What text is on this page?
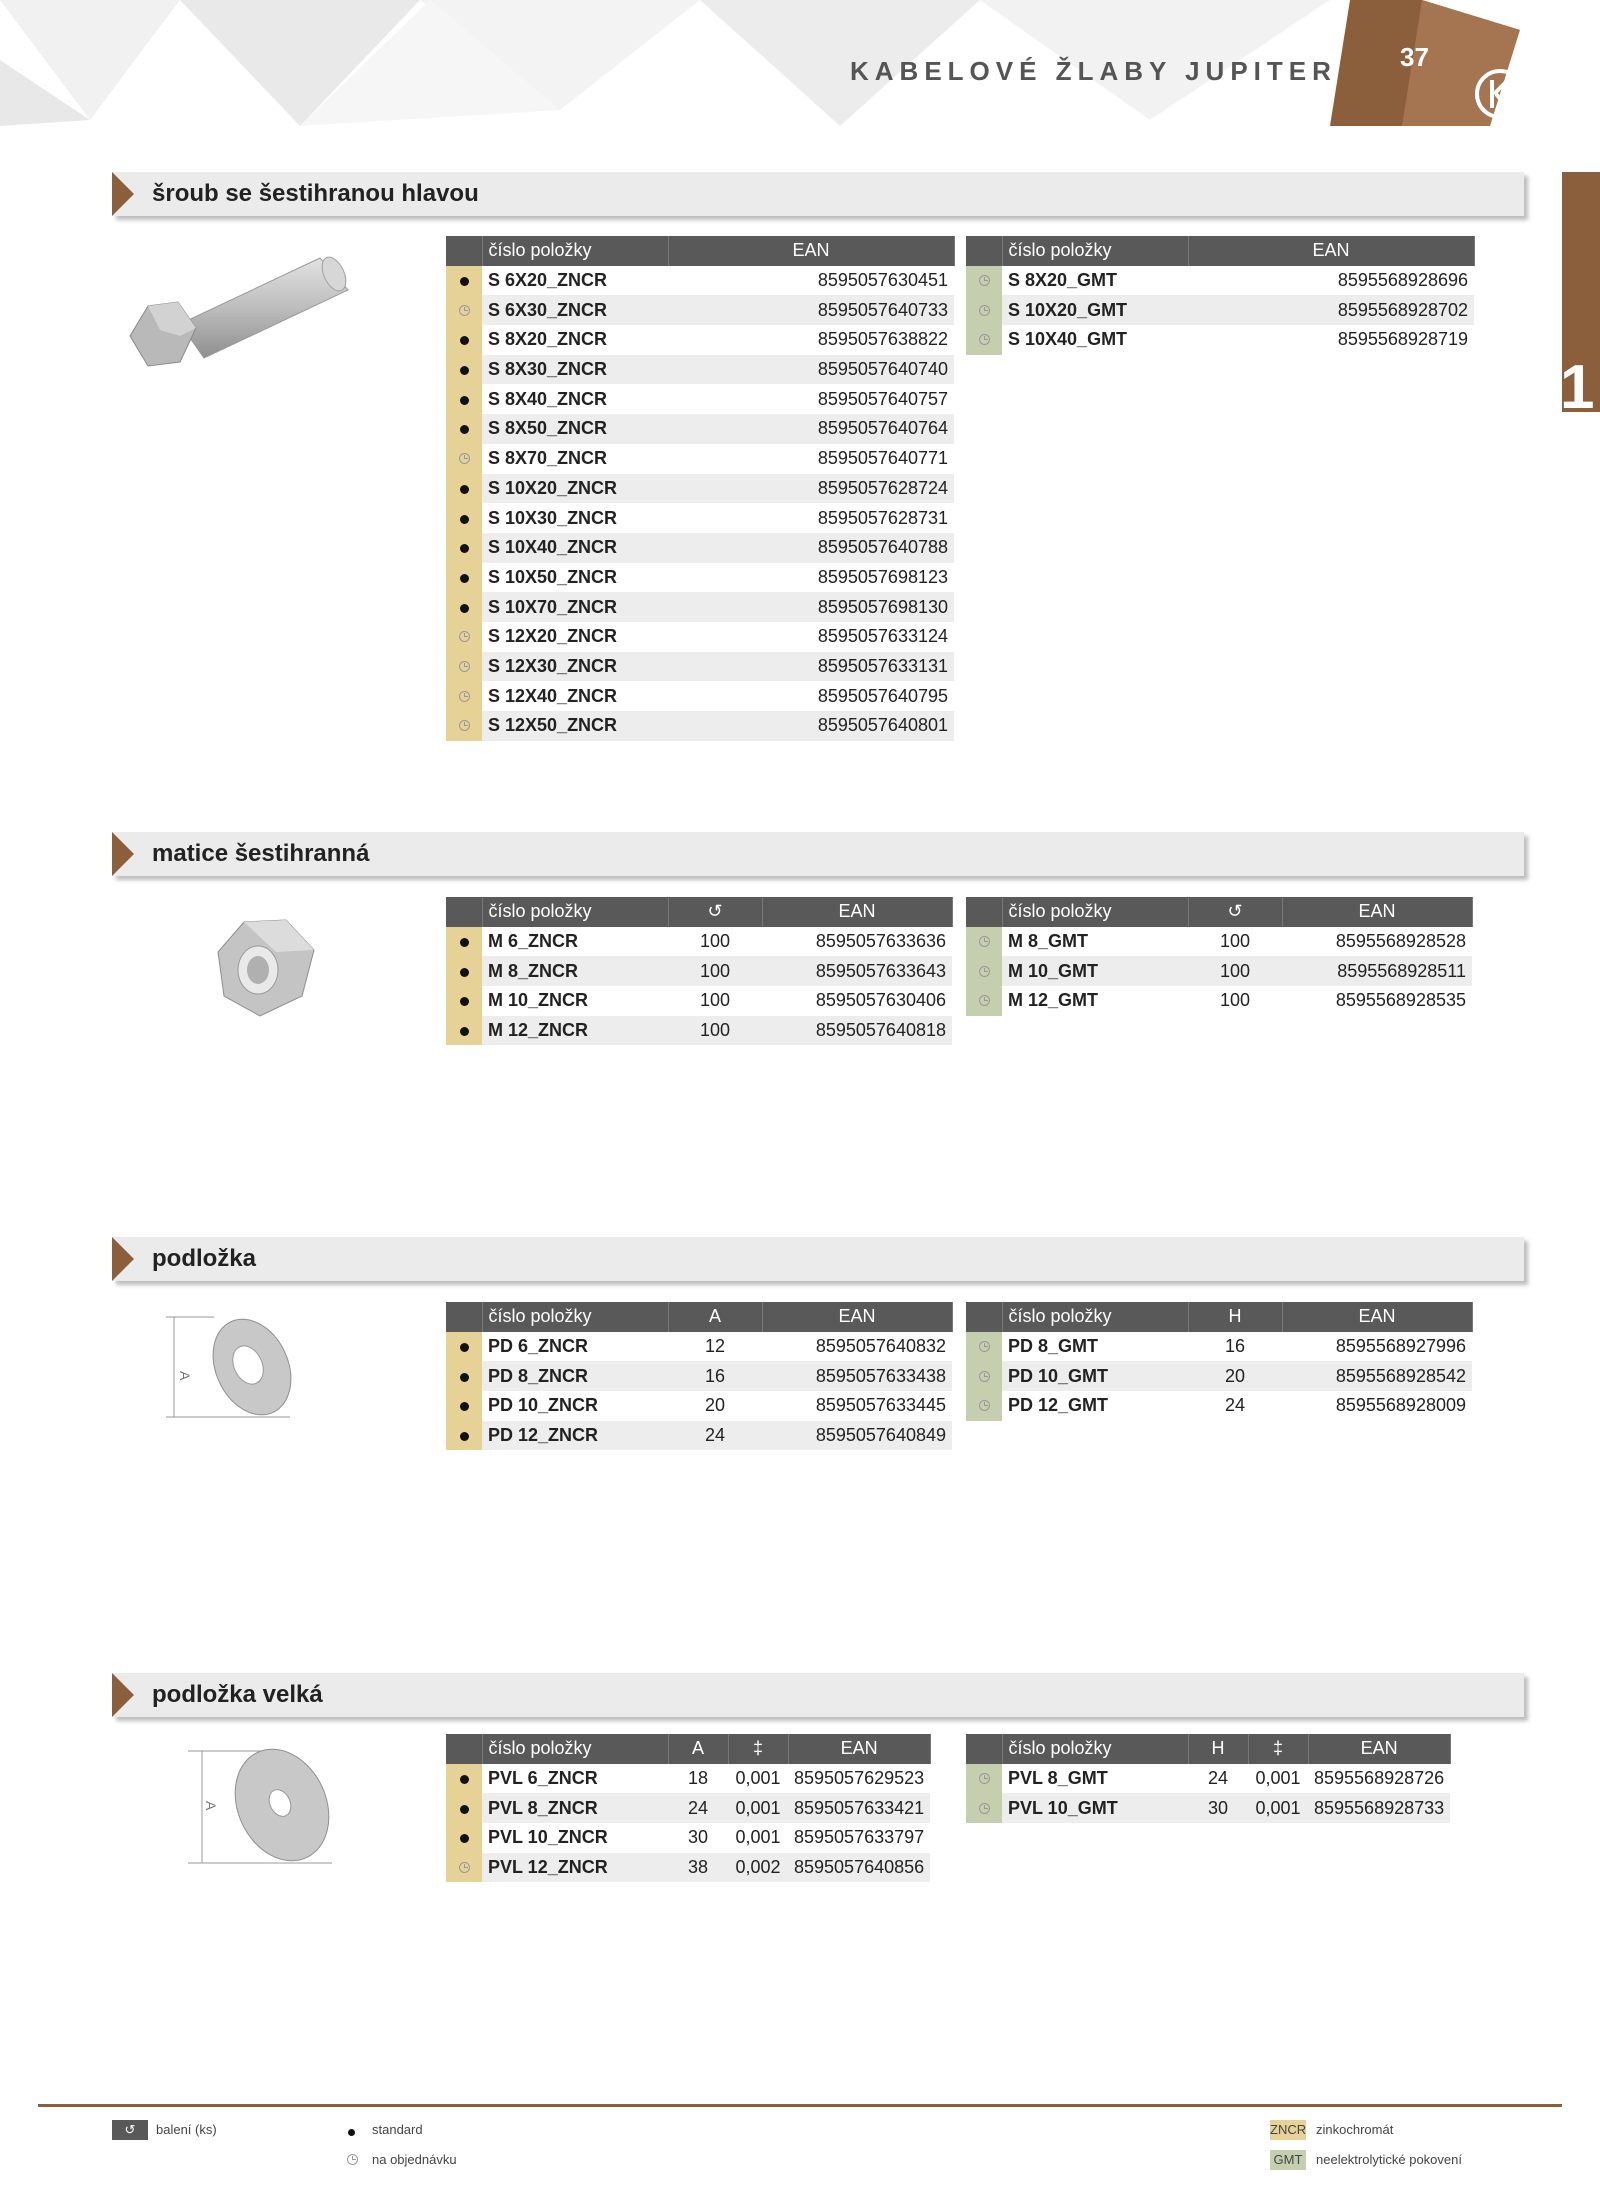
KABELOVÉ ŽLABY JUPITER 37
1
šroub se šestihranou hlavou
matice šestihranná
podložka
A
podložka velká
A
	číslo položky	EAN
	S 6X20_ZNCR	8595057630451
	S 6X30_ZNCR	8595057640733
	S 8X20_ZNCR	8595057638822
	S 8X30_ZNCR	8595057640740
	S 8X40_ZNCR	8595057640757
	S 8X50_ZNCR	8595057640764
	S 8X70_ZNCR	8595057640771
	S 10X20_ZNCR	8595057628724
	S 10X30_ZNCR	8595057628731
	S 10X40_ZNCR	8595057640788
	S 10X50_ZNCR	8595057698123
	S 10X70_ZNCR	8595057698130
	S 12X20_ZNCR	8595057633124
	S 12X30_ZNCR	8595057633131
	S 12X40_ZNCR	8595057640795
	S 12X50_ZNCR	8595057640801
	číslo položky	EAN
	S 8X20_GMT	8595568928696
	S 10X20_GMT	8595568928702
	S 10X40_GMT	8595568928719
	číslo položky	↺	EAN
	M 6_ZNCR	100	8595057633636
	M 8_ZNCR	100	8595057633643
	M 10_ZNCR	100	8595057630406
	M 12_ZNCR	100	8595057640818
	číslo položky	↺	EAN
	M 8_GMT	100	8595568928528
	M 10_GMT	100	8595568928511
	M 12_GMT	100	8595568928535
	číslo položky	A	EAN
	PD 6_ZNCR	12	8595057640832
	PD 8_ZNCR	16	8595057633438
	PD 10_ZNCR	20	8595057633445
	PD 12_ZNCR	24	8595057640849
	číslo položky	H	EAN
	PD 8_GMT	16	8595568927996
	PD 10_GMT	20	8595568928542
	PD 12_GMT	24	8595568928009
	číslo položky	A	‡	EAN
	PVL 6_ZNCR	18	0,001	8595057629523
	PVL 8_ZNCR	24	0,001	8595057633421
	PVL 10_ZNCR	30	0,001	8595057633797
	PVL 12_ZNCR	38	0,002	8595057640856
	číslo položky	H	‡	EAN
	PVL 8_GMT	24	0,001	8595568928726
	PVL 10_GMT	30	0,001	8595568928733
↺	balení (ks)	standard
na objednávku
ZNCR zinkochromát
GMT neelektrolytické pokovení
